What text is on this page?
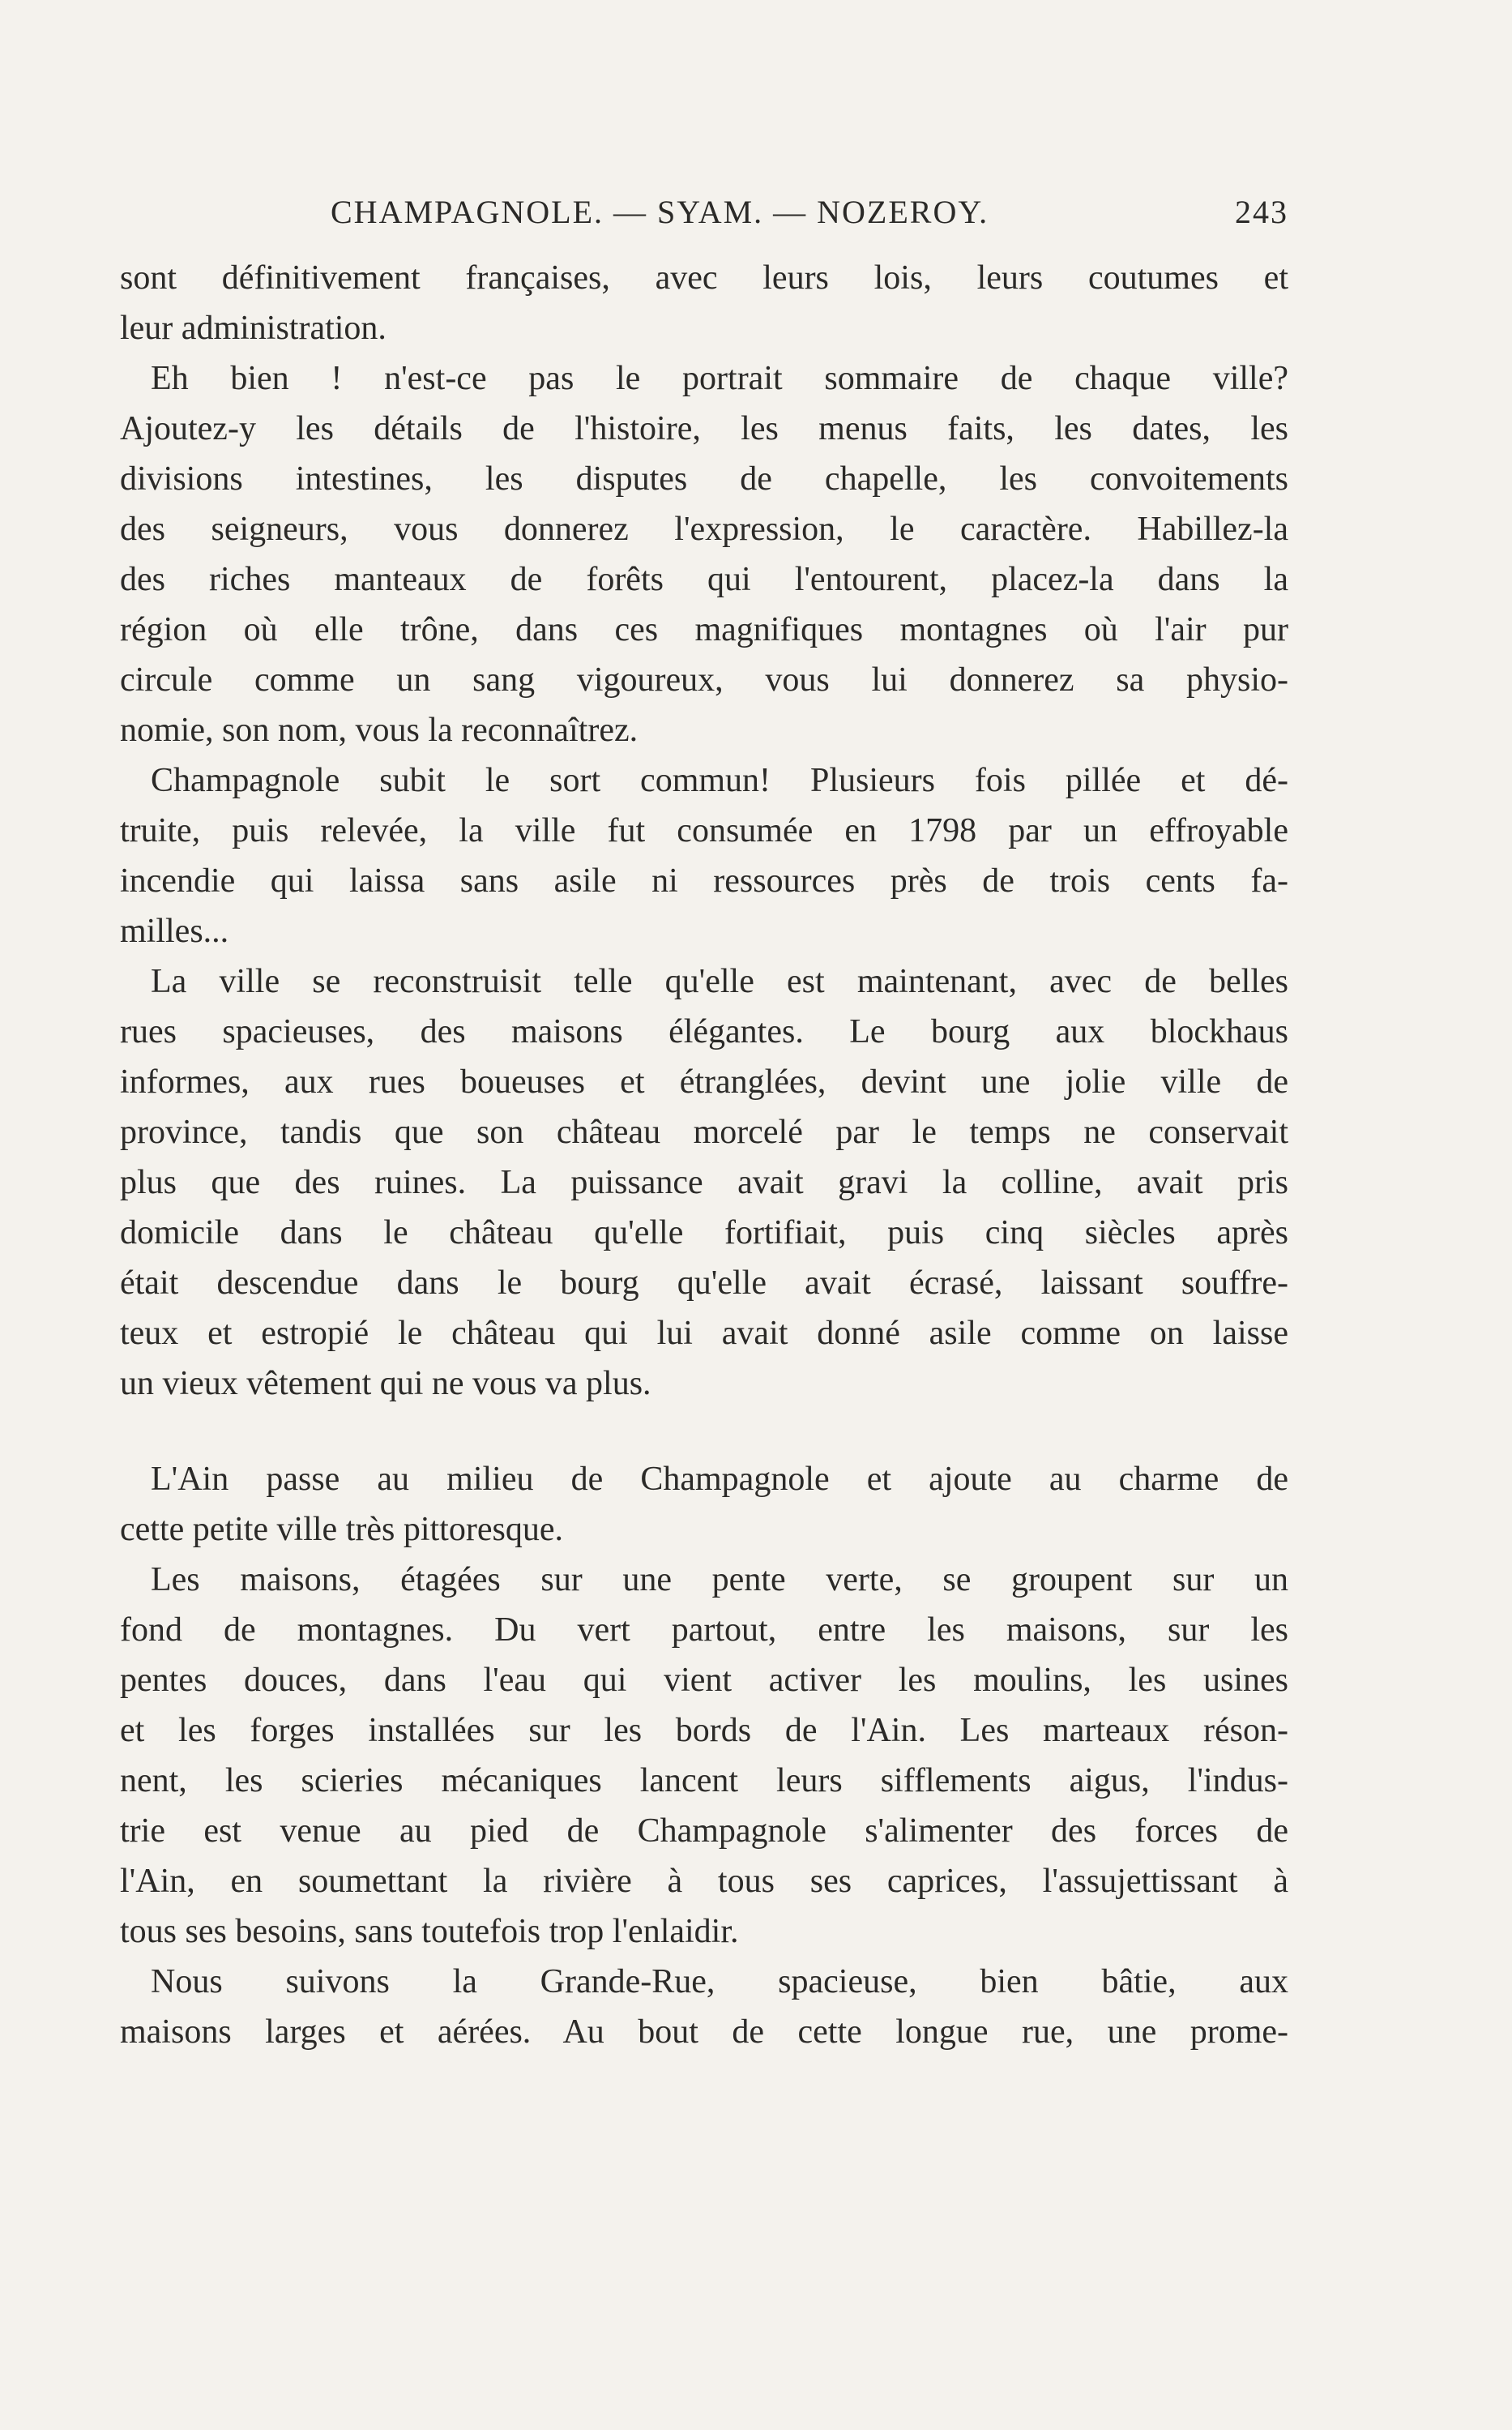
CHAMPAGNOLE. — SYAM. — NOZEROY.	243
sont définitivement françaises, avec leurs lois, leurs coutumes et
leur administration.
Eh bien ! n'est-ce pas le portrait sommaire de chaque ville?
Ajoutez-y les détails de l'histoire, les menus faits, les dates, les
divisions intestines, les disputes de chapelle, les convoitements
des seigneurs, vous donnerez l'expression, le caractère. Habillez-la
des riches manteaux de forêts qui l'entourent, placez-la dans la
région où elle trône, dans ces magnifiques montagnes où l'air pur
circule comme un sang vigoureux, vous lui donnerez sa physio-
nomie, son nom, vous la reconnaîtrez.
Champagnole subit le sort commun! Plusieurs fois pillée et dé-
truite, puis relevée, la ville fut consumée en 1798 par un effroyable
incendie qui laissa sans asile ni ressources près de trois cents fa-
milles...
La ville se reconstruisit telle qu'elle est maintenant, avec de belles
rues spacieuses, des maisons élégantes. Le bourg aux blockhaus
informes, aux rues boueuses et étranglées, devint une jolie ville de
province, tandis que son château morcelé par le temps ne conservait
plus que des ruines. La puissance avait gravi la colline, avait pris
domicile dans le château qu'elle fortifiait, puis cinq siècles après
était descendue dans le bourg qu'elle avait écrasé, laissant souffre-
teux et estropié le château qui lui avait donné asile comme on laisse
un vieux vêtement qui ne vous va plus.
L'Ain passe au milieu de Champagnole et ajoute au charme de
cette petite ville très pittoresque.
Les maisons, étagées sur une pente verte, se groupent sur un
fond de montagnes. Du vert partout, entre les maisons, sur les
pentes douces, dans l'eau qui vient activer les moulins, les usines
et les forges installées sur les bords de l'Ain. Les marteaux réson-
nent, les scieries mécaniques lancent leurs sifflements aigus, l'indus-
trie est venue au pied de Champagnole s'alimenter des forces de
l'Ain, en soumettant la rivière à tous ses caprices, l'assujettissant à
tous ses besoins, sans toutefois trop l'enlaidir.
Nous suivons la Grande-Rue, spacieuse, bien bâtie, aux
maisons larges et aérées. Au bout de cette longue rue, une prome-
